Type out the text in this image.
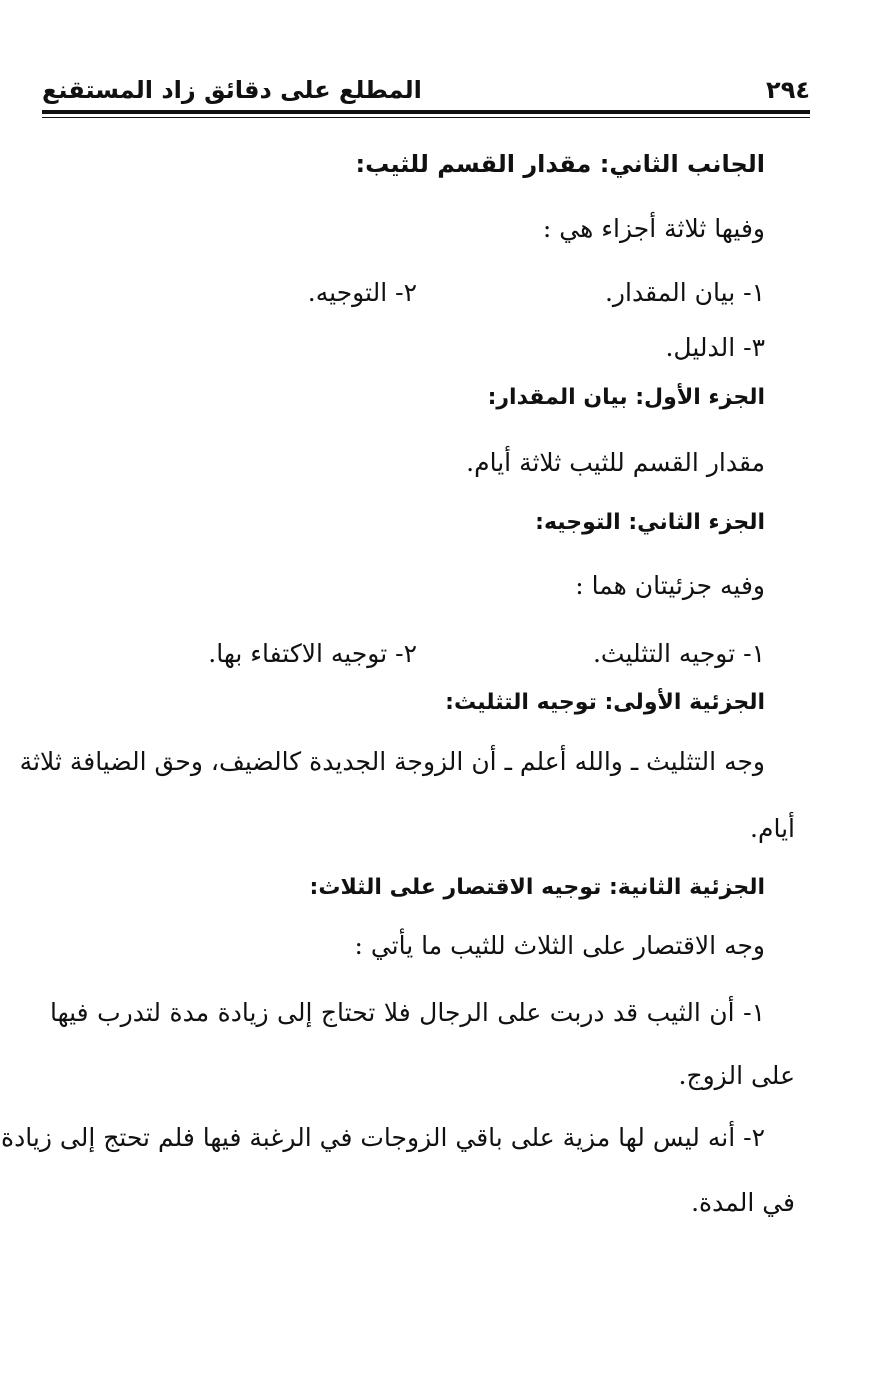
المطلع على دقائق زاد المستقنع	٢٩٤
الجانب الثاني: مقدار القسم للثيب:
وفيها ثلاثة أجزاء هي :
١- بيان المقدار.
٢- التوجيه.
٣- الدليل.
الجزء الأول: بيان المقدار:
مقدار القسم للثيب ثلاثة أيام.
الجزء الثاني: التوجيه:
وفيه جزئيتان هما :
١- توجيه التثليث.
٢- توجيه الاكتفاء بها.
الجزئية الأولى: توجيه التثليث:
وجه التثليث ـ والله أعلم ـ أن الزوجة الجديدة كالضيف، وحق الضيافة ثلاثة
أيام.
الجزئية الثانية: توجيه الاقتصار على الثلاث:
وجه الاقتصار على الثلاث للثيب ما يأتي :
١- أن الثيب قد دربت على الرجال فلا تحتاج إلى زيادة مدة لتدرب فيها
على الزوج.
٢- أنه ليس لها مزية على باقي الزوجات في الرغبة فيها فلم تحتج إلى زيادة
في المدة.
